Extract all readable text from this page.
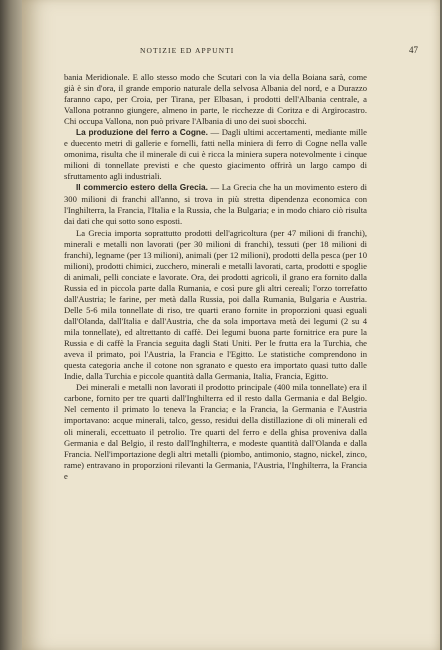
NOTIZIE ED APPUNTI	47

bania Meridionale. E allo stesso modo che Scutari con la via della Boiana sarà, come già è sin d'ora, il grande emporio naturale della selvosa Albania del nord, e a Durazzo faranno capo, per Croia, per Tirana, per Elbasan, i prodotti dell'Albania centrale, a Vallona potranno giungere, almeno in parte, le ricchezze di Coritza e di Argirocastro. Chi occupa Vallona, non può privare l'Albania di uno dei suoi sbocchi.

La produzione del ferro a Cogne. — Dagli ultimi accertamenti, mediante mille e duecento metri di gallerie e fornelli, fatti nella miniera di ferro di Cogne nella valle omonima, risulta che il minerale di cui è ricca la miniera supera notevolmente i cinque milioni di tonnellate previsti e che questo giacimento offrirà un largo campo di sfruttamento agli industriali.

Il commercio estero della Grecia. — La Grecia che ha un movimento estero di 300 milioni di franchi all'anno, si trova in più stretta dipendenza economica con l'Inghilterra, la Francia, l'Italia e la Russia, che la Bulgaria; e in modo chiaro ciò risulta dai dati che qui sotto sono esposti.

La Grecia importa soprattutto prodotti dell'agricoltura (per 47 milioni di franchi), minerali e metalli non lavorati (per 30 milioni di franchi), tessuti (per 18 milioni di franchi), legname (per 13 milioni), animali (per 12 milioni), prodotti della pesca (per 10 milioni), prodotti chimici, zucchero, minerali e metalli lavorati, carta, prodotti e spoglie di animali, pelli conciate e lavorate. Ora, dei prodotti agricoli, il grano era fornito dalla Russia ed in piccola parte dalla Rumania, e così pure gli altri cereali; l'orzo torrefatto dall'Austria; le farine, per metà dalla Russia, poi dalla Rumania, Bulgaria e Austria. Delle 5-6 mila tonnellate di riso, tre quarti erano fornite in proporzioni quasi eguali dall'Olanda, dall'Italia e dall'Austria, che da sola importava metà dei legumi (2 su 4 mila tonnellate), ed altrettanto di caffè. Dei legumi buona parte fornitrice era pure la Russia e di caffè la Francia seguita dagli Stati Uniti. Per le frutta era la Turchia, che aveva il primato, poi l'Austria, la Francia e l'Egitto. Le statistiche comprendono in questa categoria anche il cotone non sgranato e questo era importato quasi tutto dalle Indie, dalla Turchia e piccole quantità dalla Germania, Italia, Francia, Egitto.

Dei minerali e metalli non lavorati il prodotto principale (400 mila tonnellate) era il carbone, fornito per tre quarti dall'Inghilterra ed il resto dalla Germania e dal Belgio. Nel cemento il primato lo teneva la Francia; e la Francia, la Germania e l'Austria importavano: acque minerali, talco, gesso, residui della distillazione di oli minerali ed oli minerali, eccettuato il petrolio. Tre quarti del ferro e della ghisa proveniva dalla Germania e dal Belgio, il resto dall'Inghilterra, e modeste quantità dall'Olanda e dalla Francia. Nell'importazione degli altri metalli (piombo, antimonio, stagno, nickel, zinco, rame) entravano in proporzioni rilevanti la Germania, l'Austria, l'Inghilterra, la Francia e
